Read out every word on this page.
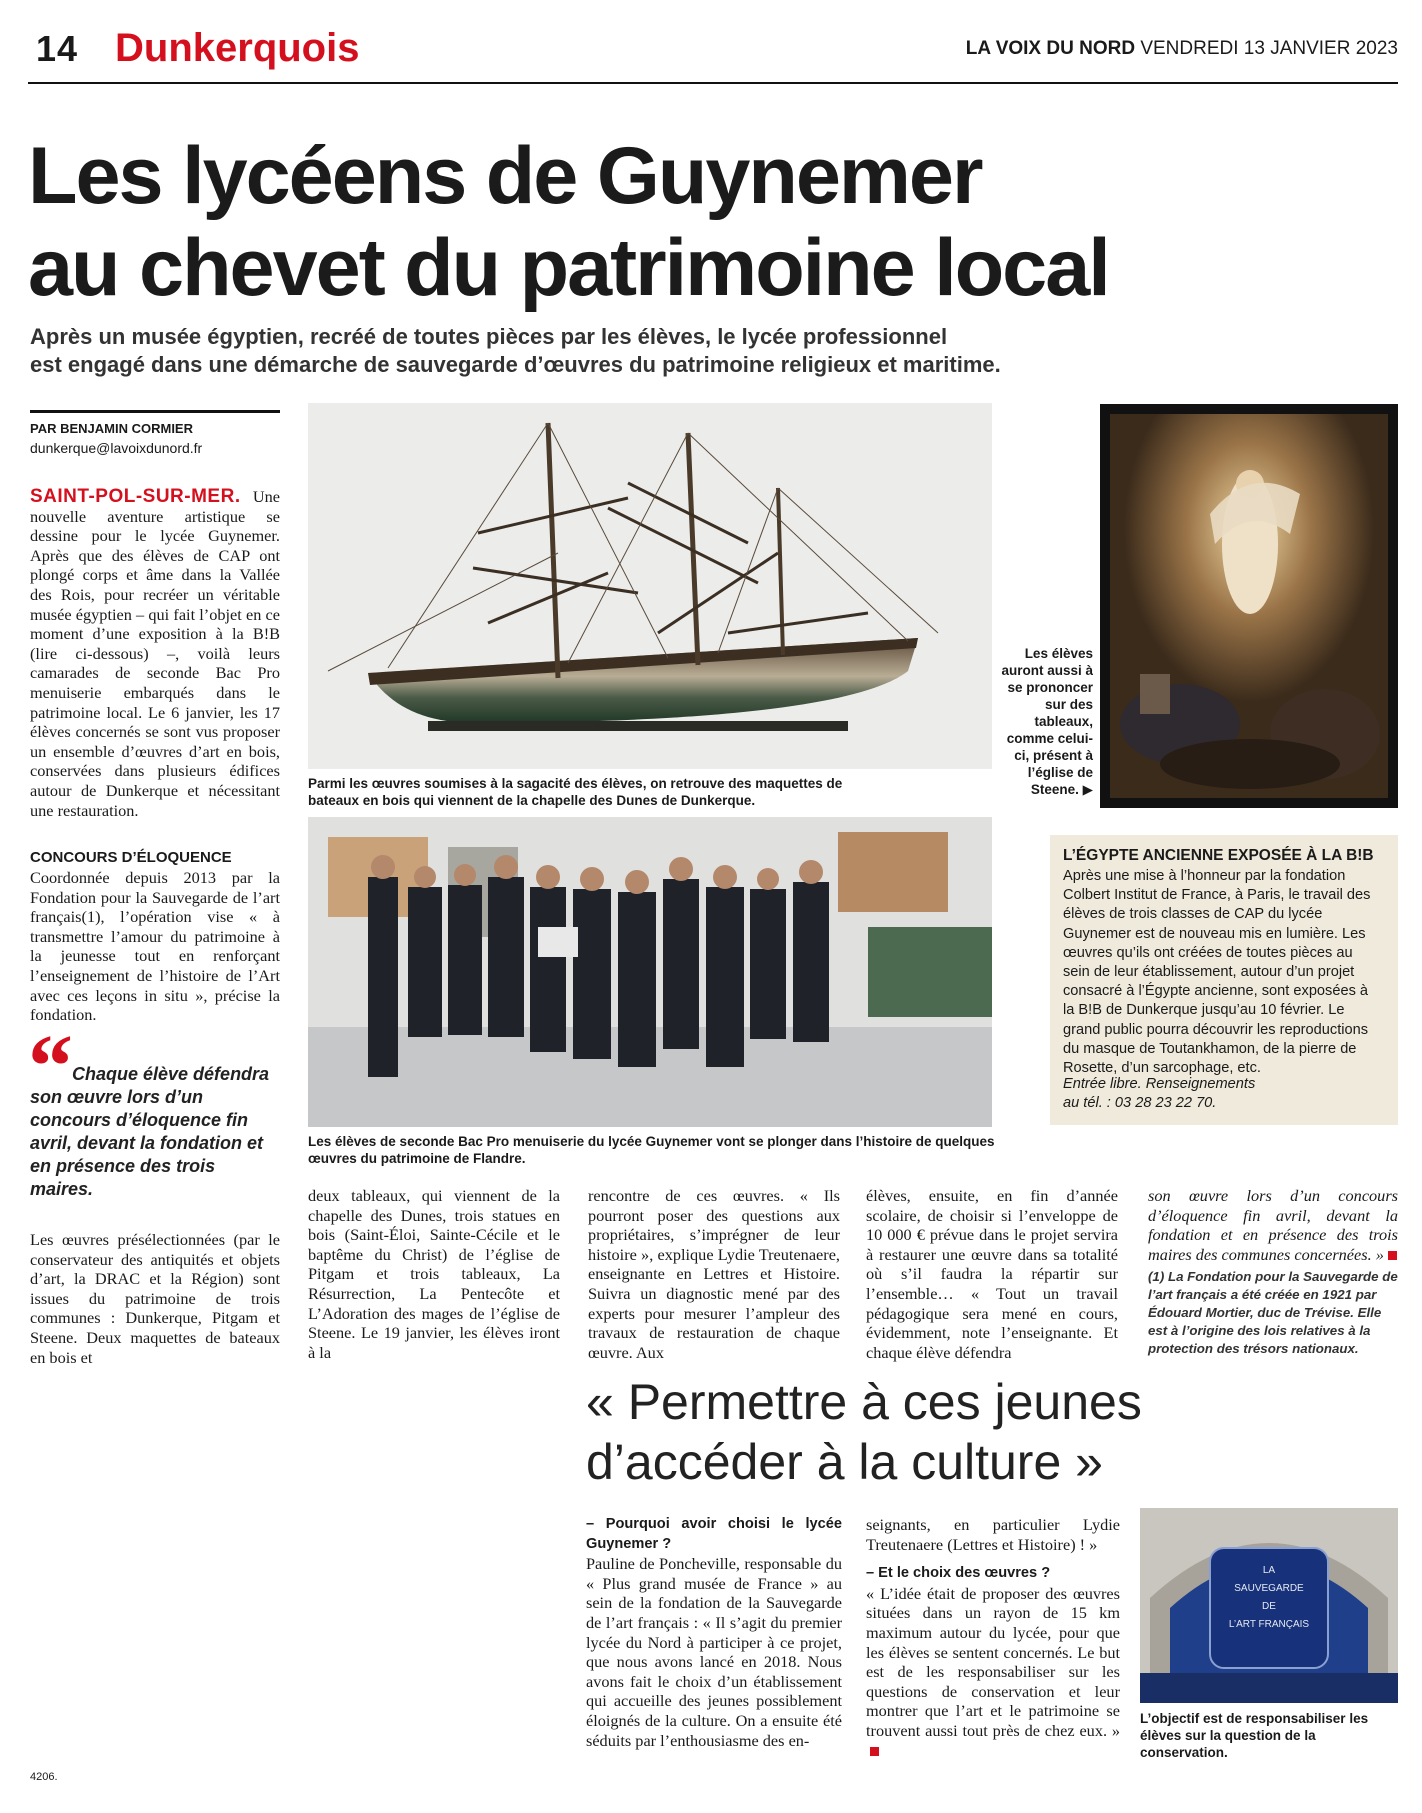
14 Dunkerquois	LA VOIX DU NORD VENDREDI 13 JANVIER 2023
Les lycéens de Guynemer
au chevet du patrimoine local
Après un musée égyptien, recréé de toutes pièces par les élèves, le lycée professionnel
est engagé dans une démarche de sauvegarde d’œuvres du patrimoine religieux et maritime.
PAR BENJAMIN CORMIER
dunkerque@lavoixdunord.fr
SAINT-POL-SUR-MER. Une nouvelle aventure artistique se dessine pour le lycée Guynemer. Après que des élèves de CAP ont plongé corps et âme dans la Vallée des Rois, pour recréer un véritable musée égyptien – qui fait l’objet en ce moment d’une exposition à la B!B (lire ci-dessous) –, voilà leurs camarades de seconde Bac Pro menuiserie embarqués dans le patrimoine local. Le 6 janvier, les 17 élèves concernés se sont vus proposer un ensemble d’œuvres d’art en bois, conservées dans plusieurs édifices autour de Dunkerque et nécessitant une restauration.
CONCOURS D’ÉLOQUENCE
Coordonnée depuis 2013 par la Fondation pour la Sauvegarde de l’art français(1), l’opération vise « à transmettre l’amour du patrimoine à la jeunesse tout en renforçant l’enseignement de l’histoire de l’Art avec ces leçons in situ », précise la fondation.
“ Chaque élève défendra son œuvre lors d’un concours d’éloquence fin avril, devant la fondation et en présence des trois maires.
Les œuvres présélectionnées (par le conservateur des antiquités et objets d’art, la DRAC et la Région) sont issues du patrimoine de trois communes : Dunkerque, Pitgam et Steene. Deux maquettes de bateaux en bois et
Parmi les œuvres soumises à la sagacité des élèves, on retrouve des maquettes de bateaux en bois qui viennent de la chapelle des Dunes de Dunkerque.
Les élèves auront aussi à se prononcer sur des tableaux, comme celui-ci, présent à l’église de Steene. ▶
Les élèves de seconde Bac Pro menuiserie du lycée Guynemer vont se plonger dans l’histoire de quelques œuvres du patrimoine de Flandre.
L’ÉGYPTE ANCIENNE EXPOSÉE À LA B!B
Après une mise à l’honneur par la fondation Colbert Institut de France, à Paris, le travail des élèves de trois classes de CAP du lycée Guynemer est de nouveau mis en lumière. Les œuvres qu’ils ont créées de toutes pièces au sein de leur établissement, autour d’un projet consacré à l’Égypte ancienne, sont exposées à la B!B de Dunkerque jusqu’au 10 février. Le grand public pourra découvrir les reproductions du masque de Toutankhamon, de la pierre de Rosette, d’un sarcophage, etc.
Entrée libre. Renseignements
au tél. : 03 28 23 22 70.
deux tableaux, qui viennent de la chapelle des Dunes, trois statues en bois (Saint-Éloi, Sainte-Cécile et le baptême du Christ) de l’église de Pitgam et trois tableaux, La Résurrection, La Pentecôte et L’Adoration des mages de l’église de Steene. Le 19 janvier, les élèves iront à la
rencontre de ces œuvres. « Ils pourront poser des questions aux propriétaires, s’imprégner de leur histoire », explique Lydie Treutenaere, enseignante en Lettres et Histoire. Suivra un diagnostic mené par des experts pour mesurer l’ampleur des travaux de restauration de chaque œuvre. Aux
élèves, ensuite, en fin d’année scolaire, de choisir si l’enveloppe de 10 000 € prévue dans le projet servira à restaurer une œuvre dans sa totalité où s’il faudra la répartir sur l’ensemble… « Tout un travail pédagogique sera mené en cours, évidemment, note l’enseignante. Et chaque élève défendra
son œuvre lors d’un concours d’éloquence fin avril, devant la fondation et en présence des trois maires des communes concernées. »
(1) La Fondation pour la Sauvegarde de l’art français a été créée en 1921 par Édouard Mortier, duc de Trévise. Elle est à l’origine des lois relatives à la protection des trésors nationaux.
« Permettre à ces jeunes
d’accéder à la culture »
– Pourquoi avoir choisi le lycée Guynemer ?
Pauline de Poncheville, responsable du « Plus grand musée de France » au sein de la fondation de la Sauvegarde de l’art français : « Il s’agit du premier lycée du Nord à participer à ce projet, que nous avons lancé en 2018. Nous avons fait le choix d’un établissement qui accueille des jeunes possiblement éloignés de la culture. On a ensuite été séduits par l’enthousiasme des en-
seignants, en particulier Lydie Treutenaere (Lettres et Histoire) ! »
– Et le choix des œuvres ?
« L’idée était de proposer des œuvres situées dans un rayon de 15 km maximum autour du lycée, pour que les élèves se sentent concernés. Le but est de les responsabiliser sur les questions de conservation et leur montrer que l’art et le patrimoine se trouvent aussi tout près de chez eux. »
LA
SAUVEGARDE
DE
L’ART FRANÇAIS
L’objectif est de responsabiliser les élèves sur la question de la conservation.
4206.
